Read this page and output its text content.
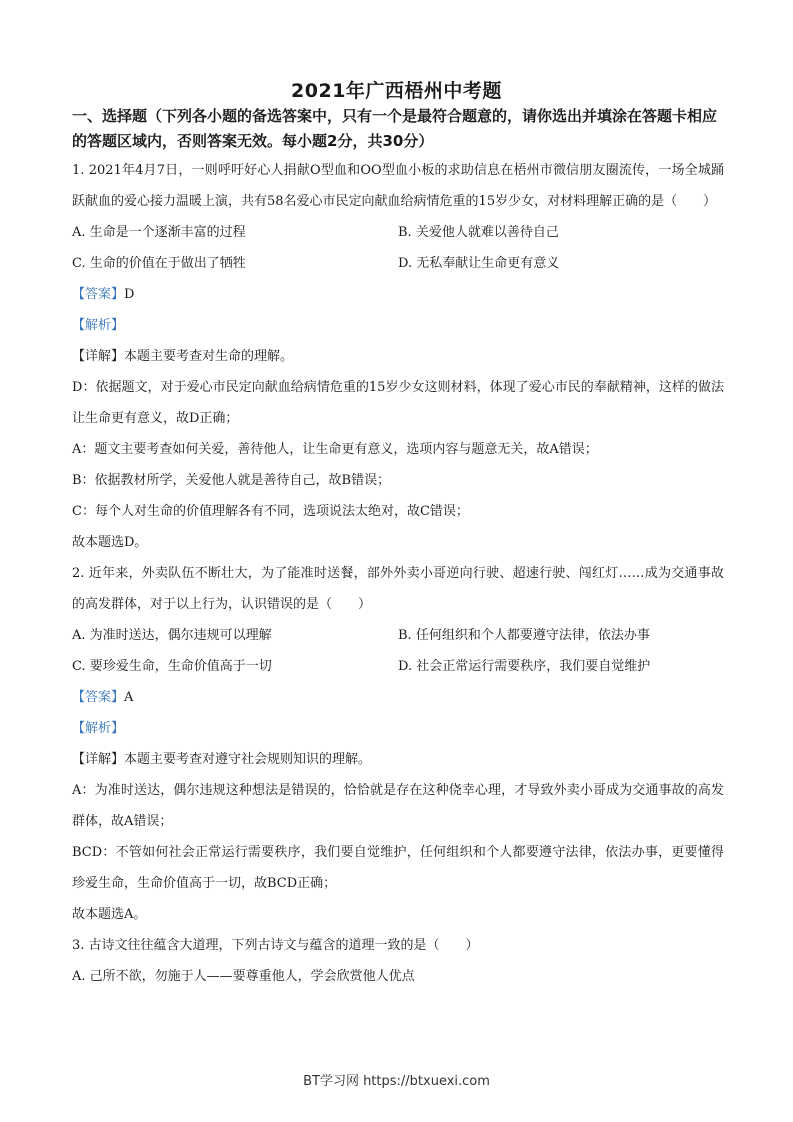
2021年广西梧州中考题
一、选择题（下列各小题的备选答案中，只有一个是最符合题意的，请你选出并填涂在答题卡相应的答题区域内，否则答案无效。每小题2分，共30分）
1. 2021年4月7日，一则呼吁好心人捐献O型血和OO型血小板的求助信息在梧州市微信朋友圈流传，一场全城踊跃献血的爱心接力温暖上演，共有58名爱心市民定向献血给病情危重的15岁少女，对材料理解正确的是（　　）
A. 生命是一个逐渐丰富的过程	B. 关爱他人就难以善待自己
C. 生命的价值在于做出了牺牲	D. 无私奉献让生命更有意义
【答案】D
【解析】
【详解】本题主要考查对生命的理解。
D：依据题文，对于爱心市民定向献血给病情危重的15岁少女这则材料，体现了爱心市民的奉献精神，这样的做法让生命更有意义，故D正确；
A：题文主要考查如何关爱，善待他人，让生命更有意义，选项内容与题意无关，故A错误；
B：依据教材所学，关爱他人就是善待自己，故B错误；
C：每个人对生命的价值理解各有不同，选项说法太绝对，故C错误；
故本题选D。
2. 近年来，外卖队伍不断壮大，为了能准时送餐，部外外卖小哥逆向行驶、超速行驶、闯红灯……成为交通事故的高发群体，对于以上行为，认识错误的是（　　）
A. 为准时送达，偶尔违规可以理解	B. 任何组织和个人都要遵守法律，依法办事
C. 要珍爱生命，生命价值高于一切	D. 社会正常运行需要秩序，我们要自觉维护
【答案】A
【解析】
【详解】本题主要考查对遵守社会规则知识的理解。
A：为准时送达，偶尔违规这种想法是错误的，恰恰就是存在这种侥幸心理，才导致外卖小哥成为交通事故的高发群体，故A错误；
BCD：不管如何社会正常运行需要秩序，我们要自觉维护，任何组织和个人都要遵守法律，依法办事，更要懂得珍爱生命，生命价值高于一切，故BCD正确；
故本题选A。
3. 古诗文往往蕴含大道理，下列古诗文与蕴含的道理一致的是（　　）
A. 己所不欲，勿施于人——要尊重他人，学会欣赏他人优点
BT学习网 https://btxuexi.com
